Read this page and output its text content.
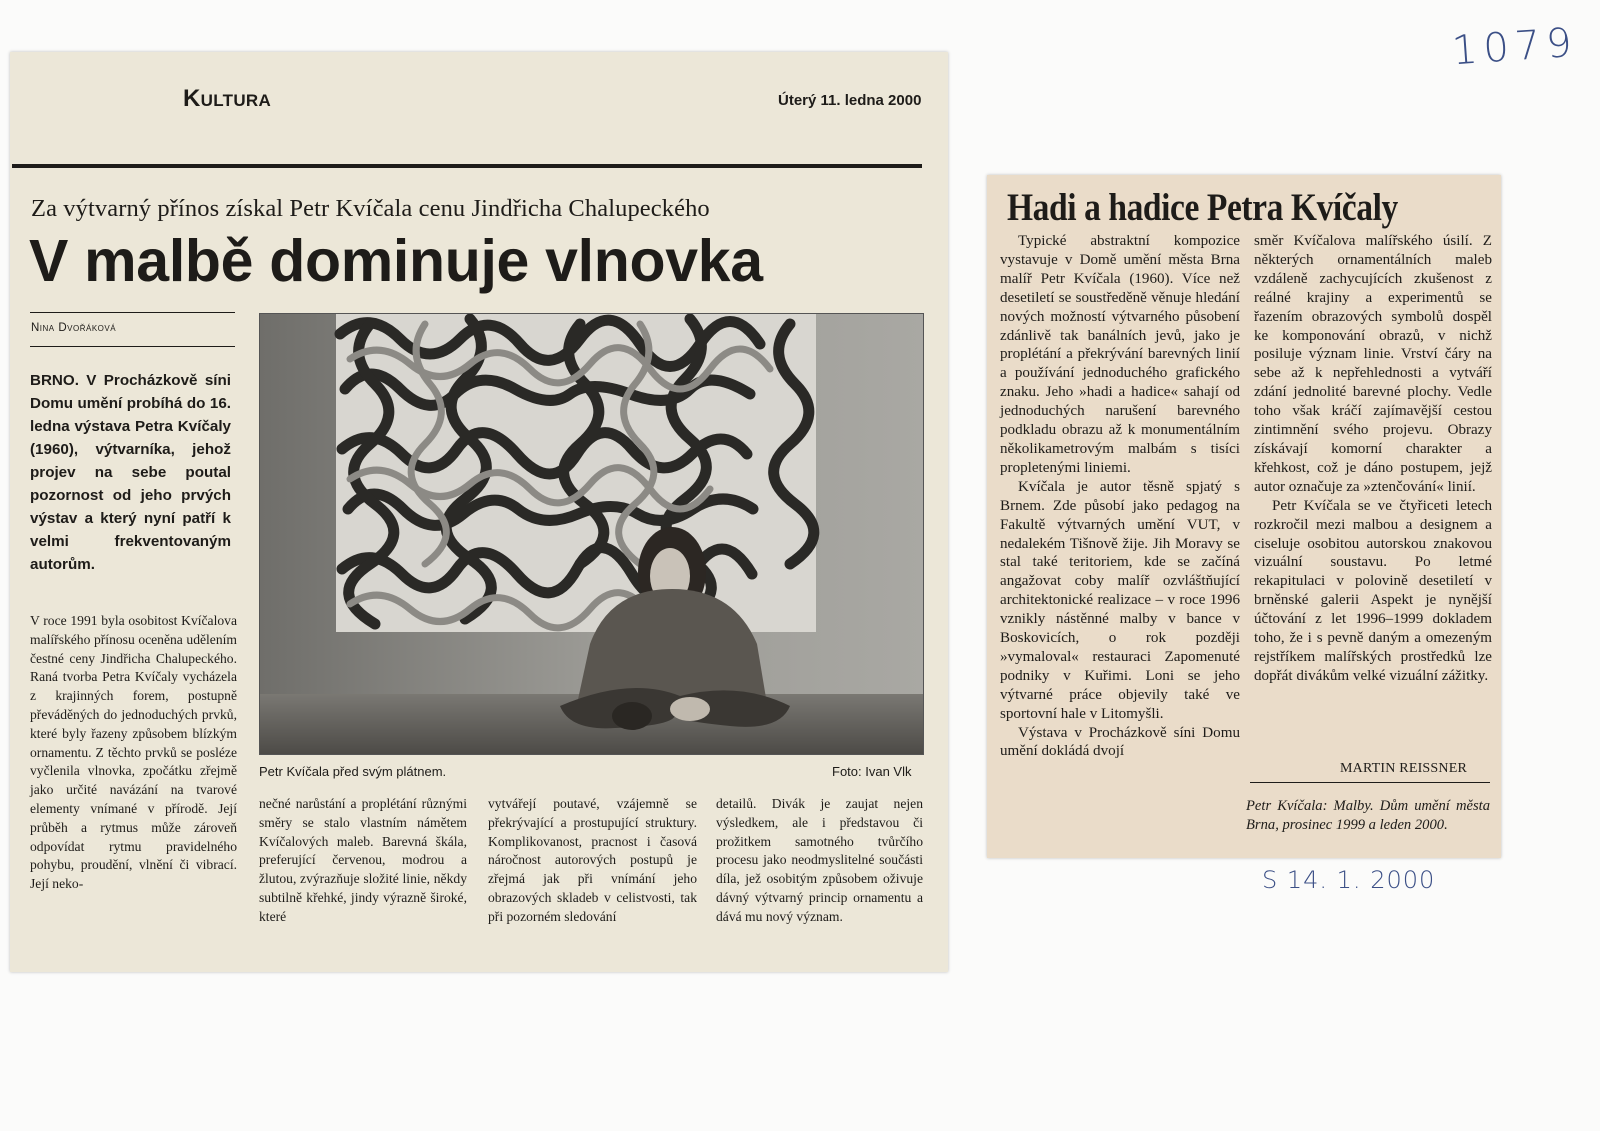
1079

Kultura	Úterý 11. ledna 2000
Za výtvarný přínos získal Petr Kvíčala cenu Jindřicha Chalupeckého
V malbě dominuje vlnovka
Nina Dvořáková
BRNO. V Procházkově síni Domu umění probíhá do 16. ledna výstava Petra Kvíčaly (1960), výtvarníka, jehož projev na sebe poutal pozornost od jeho prvých výstav a který nyní patří k velmi frekventovaným autorům.
V roce 1991 byla osobitost Kvíčalova malířského přínosu oceněna udělením čestné ceny Jindřicha Chalupeckého. Raná tvorba Petra Kvíčaly vycházela z krajinných forem, postupně převáděných do jednoduchých prvků, které byly řazeny způsobem blízkým ornamentu. Z těchto prvků se posléze vyčlenila vlnovka, zpočátku zřejmě jako určité navázání na tvarové elementy vnímané v přírodě. Její průběh a rytmus může zároveň odpovídat rytmu pravidelného pohybu, proudění, vlnění či vibrací. Její neko-
Petr Kvíčala před svým plátnem.	Foto: Ivan Vlk
nečné narůstání a proplétání různými směry se stalo vlastním námětem Kvíčalových maleb. Barevná škála, preferující červenou, modrou a žlutou, zvýrazňuje složité linie, někdy subtilně křehké, jindy výrazně široké, které
vytvářejí poutavé, vzájemně se překrývající a prostupující struktury. Komplikovanost, pracnost i časová náročnost autorových postupů je zřejmá jak při vnímání jeho obrazových skladeb v celistvosti, tak při pozorném sledování
detailů. Divák je zaujat nejen výsledkem, ale i představou či prožitkem samotného tvůrčího procesu jako neodmyslitelné součásti díla, jež osobitým způsobem oživuje dávný výtvarný princip ornamentu a dává mu nový význam.
Hadi a hadice Petra Kvíčaly
Typické abstraktní kompozice vystavuje v Domě umění města Brna malíř Petr Kvíčala (1960). Více než desetiletí se soustředěně věnuje hledání nových možností výtvarného působení zdánlivě tak banálních jevů, jako je proplétání a překrývání barevných linií a používání jednoduchého grafického znaku. Jeho »hadi a hadice« sahají od jednoduchých narušení barevného podkladu obrazu až k monumentálním několikametrovým malbám s tisíci propletenými liniemi.
Kvíčala je autor těsně spjatý s Brnem. Zde působí jako pedagog na Fakultě výtvarných umění VUT, v nedalekém Tišnově žije. Jih Moravy se stal také teritoriem, kde se začíná angažovat coby malíř ozvláštňující architektonické realizace – v roce 1996 vznikly nástěnné malby v bance v Boskovicích, o rok později »vymaloval« restauraci Zapomenuté podniky v Kuřimi. Loni se jeho výtvarné práce objevily také ve sportovní hale v Litomyšli.
Výstava v Procházkově síni Domu umění dokládá dvojí
směr Kvíčalova malířského úsilí. Z některých ornamentálních maleb vzdáleně zachycujících zkušenost z reálné krajiny a experimentů se řazením obrazových symbolů dospěl ke komponování obrazů, v nichž posiluje význam linie. Vrství čáry na sebe až k nepřehlednosti a vytváří zdání jednolité barevné plochy. Vedle toho však kráčí zajímavější cestou zintimnění svého projevu. Obrazy získávají komorní charakter a křehkost, což je dáno postupem, jejž autor označuje za »ztenčování« linií.
Petr Kvíčala se ve čtyřiceti letech rozkročil mezi malbou a designem a ciseluje osobitou autorskou znakovou vizuální soustavu. Po letmé rekapitulaci v polovině desetiletí v brněnské galerii Aspekt je nynější účtování z let 1996–1999 dokladem toho, že i s pevně daným a omezeným rejstříkem malířských prostředků lze dopřát divákům velké vizuální zážitky.
MARTIN REISSNER
Petr Kvíčala: Malby. Dům umění města Brna, prosinec 1999 a leden 2000.
S 14. 1. 2000
